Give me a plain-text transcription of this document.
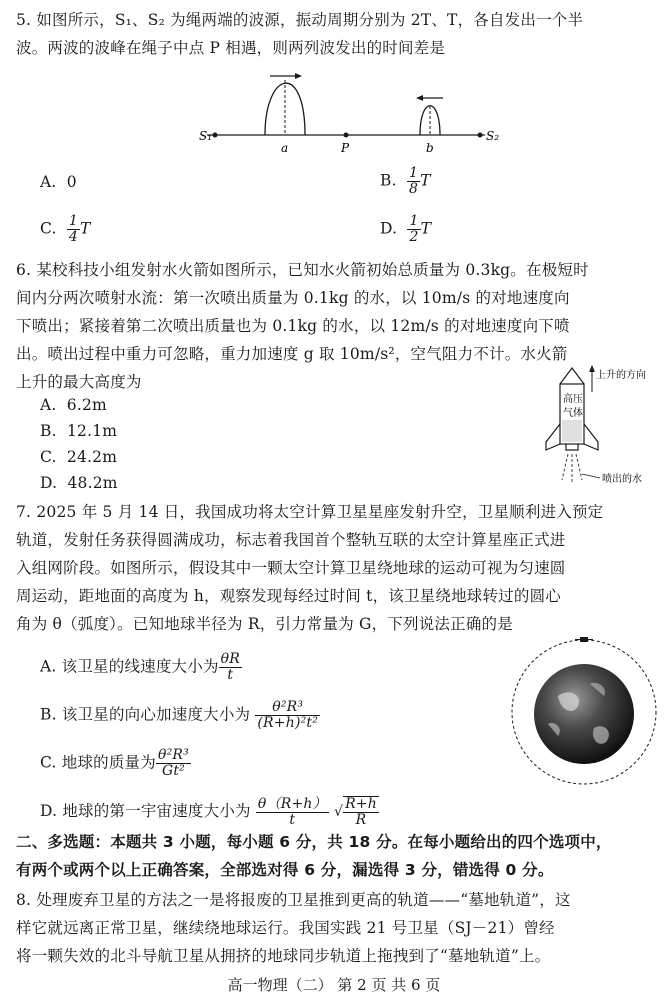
5. 如图所示，S₁、S₂ 为绳两端的波源，振动周期分别为 2T、T，各自发出一个半
波。两波的波峰在绳子中点 P 相遇，则两列波发出的时间差是
S₁
a	P	b
S₂
A. 0	B. $\frac{1}{8}$ T
C. $\frac{1}{4}$ T	D. $\frac{1}{2}$ T
6. 某校科技小组发射水火箭如图所示，已知水火箭初始总质量为 0.3kg。在极短时
间内分两次喷射水流：第一次喷出质量为 0.1kg 的水，以 10m/s 的对地速度向
下喷出；紧接着第二次喷出质量也为 0.1kg 的水，以 12m/s 的对地速度向下喷
出。喷出过程中重力可忽略，重力加速度 g 取 10m/s²，空气阻力不计。水火箭
上升的最大高度为
A. 6.2m
B. 12.1m
C. 24.2m
D. 48.2m
上升的方向
高压
气体
喷出的水
7. 2025 年 5 月 14 日，我国成功将太空计算卫星星座发射升空，卫星顺利进入预定
轨道，发射任务获得圆满成功，标志着我国首个整轨互联的太空计算星座正式进
入组网阶段。如图所示，假设其中一颗太空计算卫星绕地球的运动可视为匀速圆
周运动，距地面的高度为 h，观察发现每经过时间 t，该卫星绕地球转过的圆心
角为 θ（弧度）。已知地球半径为 R，引力常量为 G，下列说法正确的是
A. 该卫星的线速度大小为 $\frac{\theta R}{t}$
B. 该卫星的向心加速度大小为 $\frac{\text{θ²R³}}{\text{(R+h)²t²}}$
C. 地球的质量为 $\frac{\text{θ²R³}}{\text{Gt²}}$
D. 地球的第一宇宙速度大小为 $\frac{\theta(R+h)}{t}$ √ $\frac{R+h}{R}$
二、多选题：本题共 3 小题，每小题 6 分，共 18 分。在每小题给出的四个选项中，
有两个或两个以上正确答案，全部选对得 6 分，漏选得 3 分，错选得 0 分。
8. 处理废弃卫星的方法之一是将报废的卫星推到更高的轨道——“墓地轨道”，这
样它就远离正常卫星，继续绕地球运行。我国实践 21 号卫星（SJ－21）曾经
将一颗失效的北斗导航卫星从拥挤的地球同步轨道上拖拽到了“墓地轨道”上。
高一物理（二） 第 2 页 共 6 页
